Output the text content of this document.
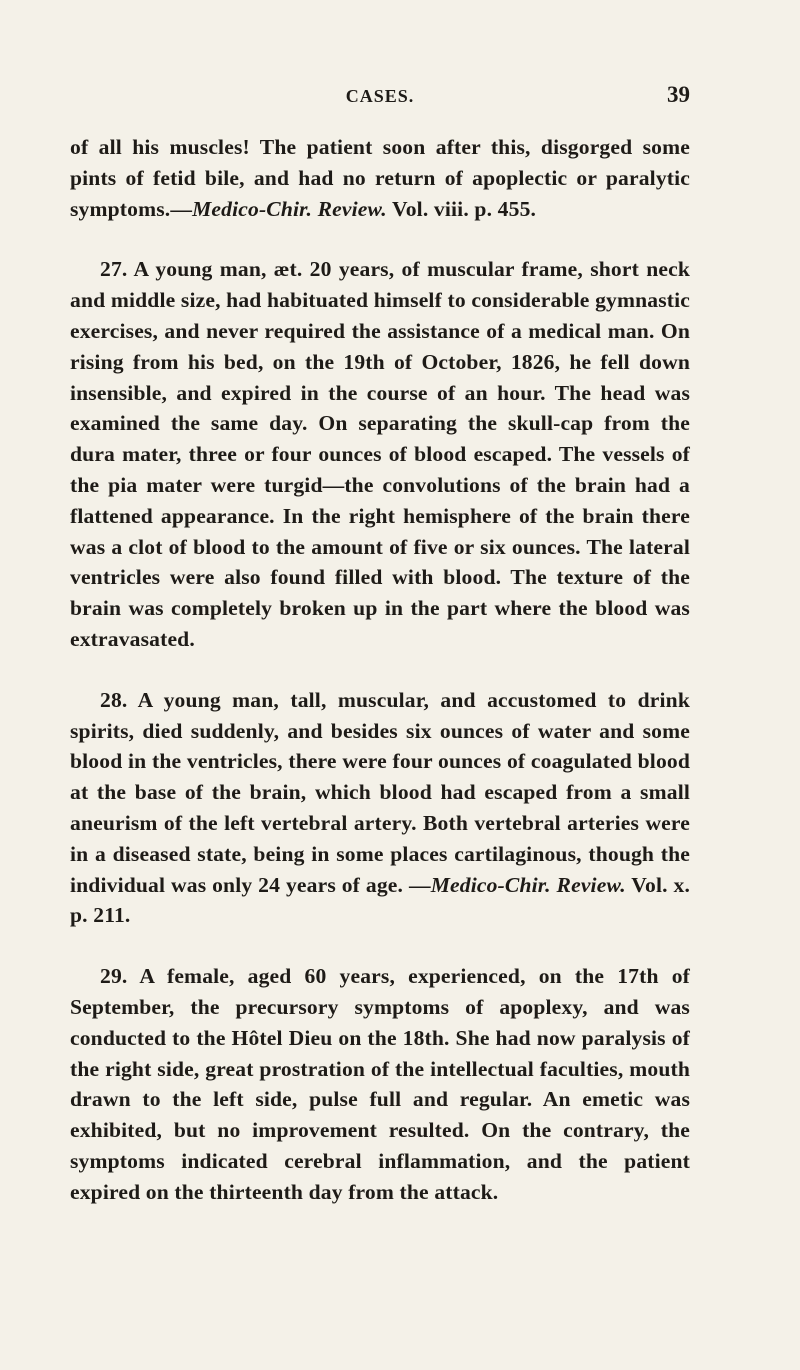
CASES.	39

of all his muscles! The patient soon after this, disgorged some pints of fetid bile, and had no return of apoplectic or paralytic symptoms.—Medico-Chir. Review. Vol. viii. p. 455.

27. A young man, æt. 20 years, of muscular frame, short neck and middle size, had habituated himself to considerable gymnastic exercises, and never required the assistance of a medical man. On rising from his bed, on the 19th of October, 1826, he fell down insensible, and expired in the course of an hour. The head was examined the same day. On separating the skull-cap from the dura mater, three or four ounces of blood escaped. The vessels of the pia mater were turgid—the convolutions of the brain had a flattened appearance. In the right hemisphere of the brain there was a clot of blood to the amount of five or six ounces. The lateral ventricles were also found filled with blood. The texture of the brain was completely broken up in the part where the blood was extravasated.

28. A young man, tall, muscular, and accustomed to drink spirits, died suddenly, and besides six ounces of water and some blood in the ventricles, there were four ounces of coagulated blood at the base of the brain, which blood had escaped from a small aneurism of the left vertebral artery. Both vertebral arteries were in a diseased state, being in some places cartilaginous, though the individual was only 24 years of age. —Medico-Chir. Review. Vol. x. p. 211.

29. A female, aged 60 years, experienced, on the 17th of September, the precursory symptoms of apoplexy, and was conducted to the Hôtel Dieu on the 18th. She had now paralysis of the right side, great prostration of the intellectual faculties, mouth drawn to the left side, pulse full and regular. An emetic was exhibited, but no improvement resulted. On the contrary, the symptoms indicated cerebral inflammation, and the patient expired on the thirteenth day from the attack.
